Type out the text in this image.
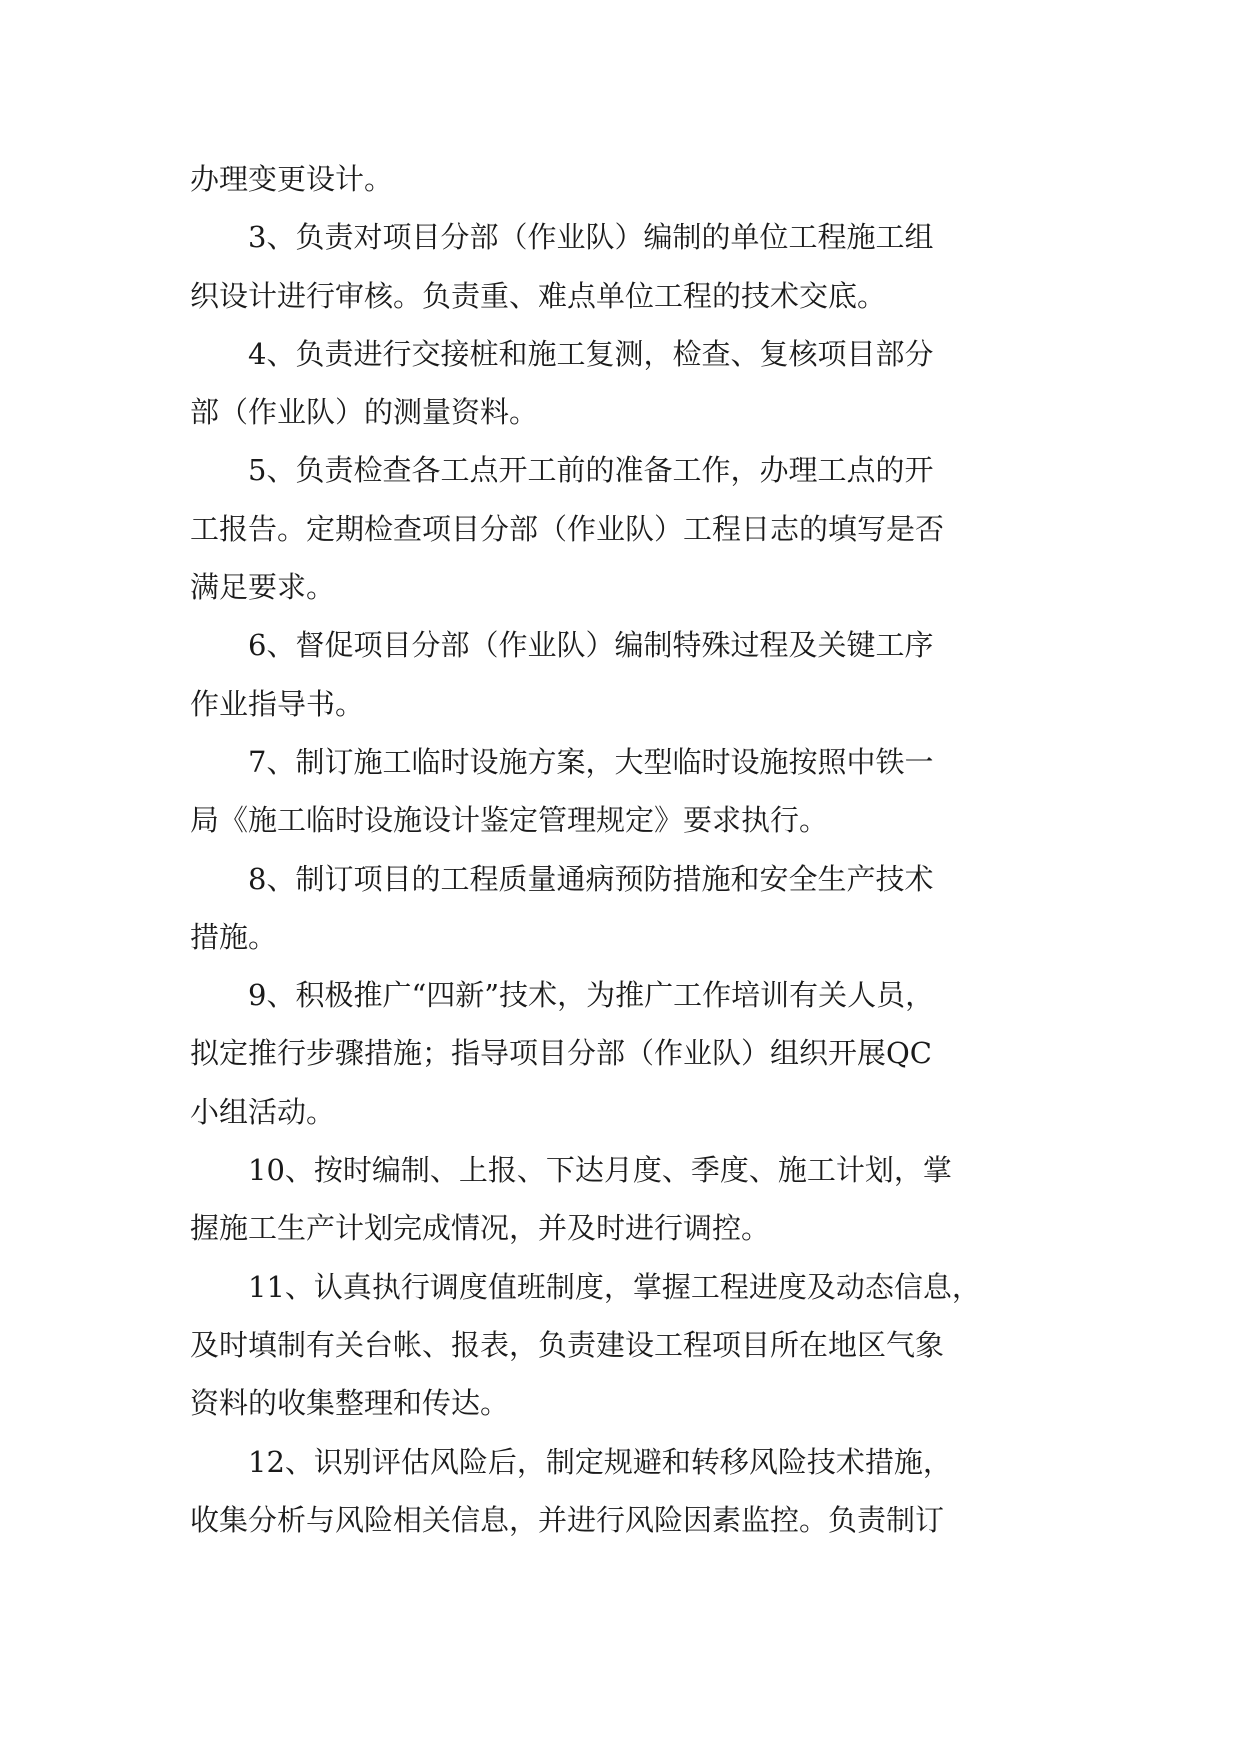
办理变更设计。
3、负责对项目分部（作业队）编制的单位工程施工组
织设计进行审核。负责重、难点单位工程的技术交底。
4、负责进行交接桩和施工复测，检查、复核项目部分
部（作业队）的测量资料。
5、负责检查各工点开工前的准备工作，办理工点的开
工报告。定期检查项目分部（作业队）工程日志的填写是否
满足要求。
6、督促项目分部（作业队）编制特殊过程及关键工序
作业指导书。
7、制订施工临时设施方案，大型临时设施按照中铁一
局《施工临时设施设计鉴定管理规定》要求执行。
8、制订项目的工程质量通病预防措施和安全生产技术
措施。
9、积极推广“四新”技术，为推广工作培训有关人员，
拟定推行步骤措施；指导项目分部（作业队）组织开展QC
小组活动。
10、按时编制、上报、下达月度、季度、施工计划，掌
握施工生产计划完成情况，并及时进行调控。
11、认真执行调度值班制度，掌握工程进度及动态信息，
及时填制有关台帐、报表，负责建设工程项目所在地区气象
资料的收集整理和传达。
12、识别评估风险后，制定规避和转移风险技术措施，
收集分析与风险相关信息，并进行风险因素监控。负责制订
